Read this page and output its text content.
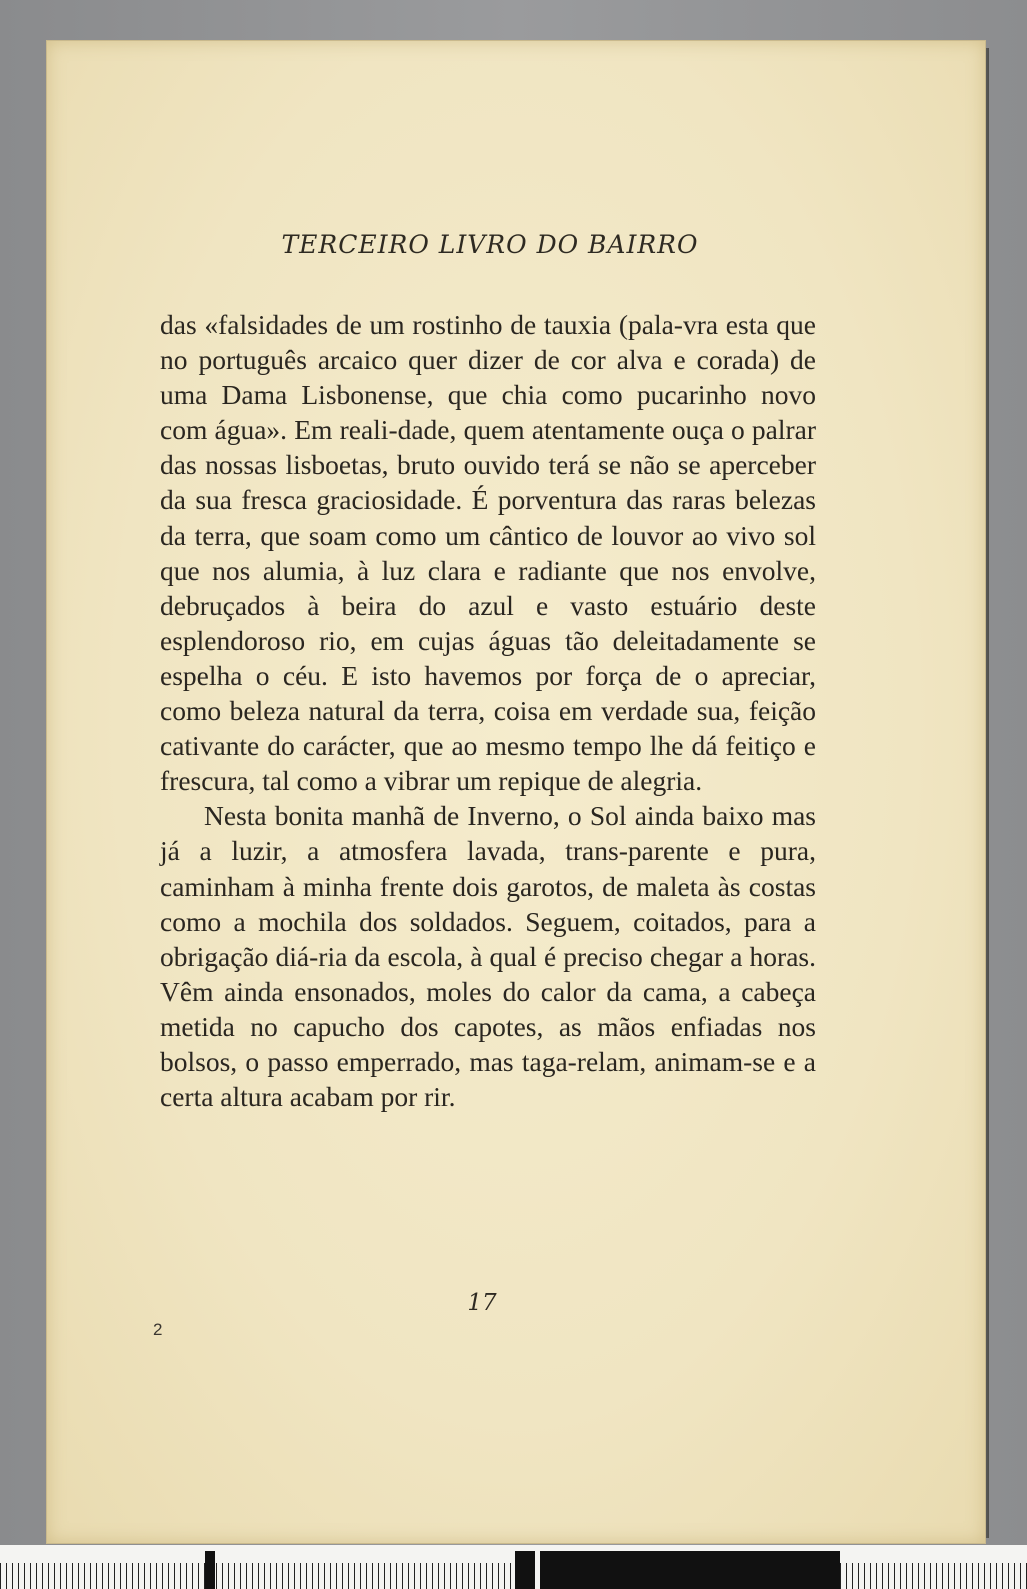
TERCEIRO LIVRO DO BAIRRO

das «falsidades de um rostinho de tauxia (pala-vra esta que no português arcaico quer dizer de cor alva e corada) de uma Dama Lisbonense, que chia como pucarinho novo com água». Em reali-dade, quem atentamente ouça o palrar das nossas lisboetas, bruto ouvido terá se não se aperceber da sua fresca graciosidade. É porventura das raras belezas da terra, que soam como um cântico de louvor ao vivo sol que nos alumia, à luz clara e radiante que nos envolve, debruçados à beira do azul e vasto estuário deste esplendoroso rio, em cujas águas tão deleitadamente se espelha o céu. E isto havemos por força de o apreciar, como beleza natural da terra, coisa em verdade sua, feição cativante do carácter, que ao mesmo tempo lhe dá feitiço e frescura, tal como a vibrar um repique de alegria.

Nesta bonita manhã de Inverno, o Sol ainda baixo mas já a luzir, a atmosfera lavada, trans-parente e pura, caminham à minha frente dois garotos, de maleta às costas como a mochila dos soldados. Seguem, coitados, para a obrigação diá-ria da escola, à qual é preciso chegar a horas. Vêm ainda ensonados, moles do calor da cama, a cabeça metida no capucho dos capotes, as mãos enfiadas nos bolsos, o passo emperrado, mas taga-relam, animam-se e a certa altura acabam por rir.

17
2
